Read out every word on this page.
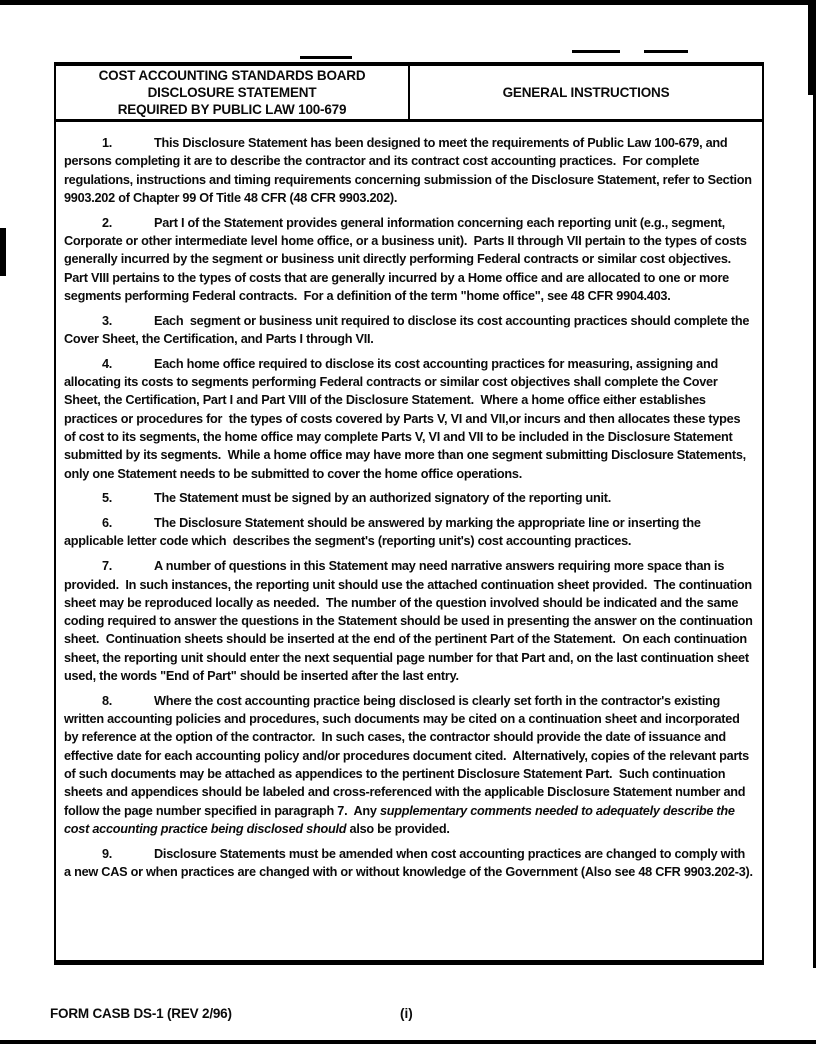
COST ACCOUNTING STANDARDS BOARD
DISCLOSURE STATEMENT
REQUIRED BY PUBLIC LAW 100-679
GENERAL INSTRUCTIONS

1.	This Disclosure Statement has been designed to meet the requirements of Public Law 100-679, and persons completing it are to describe the contractor and its contract cost accounting practices.  For complete regulations, instructions and timing requirements concerning submission of the Disclosure Statement, refer to Section 9903.202 of Chapter 99 Of Title 48 CFR (48 CFR 9903.202).

2.	Part I of the Statement provides general information concerning each reporting unit (e.g., segment, Corporate or other intermediate level home office, or a business unit).  Parts II through VII pertain to the types of costs generally incurred by the segment or business unit directly performing Federal contracts or similar cost objectives.  Part VIII pertains to the types of costs that are generally incurred by a Home office and are allocated to one or more segments performing Federal contracts.  For a definition of the term "home office", see 48 CFR 9904.403.

3.	Each  segment or business unit required to disclose its cost accounting practices should complete the Cover Sheet, the Certification, and Parts I through VII.

4.	Each home office required to disclose its cost accounting practices for measuring, assigning and allocating its costs to segments performing Federal contracts or similar cost objectives shall complete the Cover Sheet, the Certification, Part I and Part VIII of the Disclosure Statement.  Where a home office either establishes practices or procedures for  the types of costs covered by Parts V, VI and VII,or incurs and then allocates these types of cost to its segments, the home office may complete Parts V, VI and VII to be included in the Disclosure Statement submitted by its segments.  While a home office may have more than one segment submitting Disclosure Statements, only one Statement needs to be submitted to cover the home office operations.

5.	The Statement must be signed by an authorized signatory of the reporting unit.

6.	The Disclosure Statement should be answered by marking the appropriate line or inserting the applicable letter code which  describes the segment's (reporting unit's) cost accounting practices.

7.	A number of questions in this Statement may need narrative answers requiring more space than is provided.  In such instances, the reporting unit should use the attached continuation sheet provided.  The continuation sheet may be reproduced locally as needed.  The number of the question involved should be indicated and the same coding required to answer the questions in the Statement should be used in presenting the answer on the continuation sheet.  Continuation sheets should be inserted at the end of the pertinent Part of the Statement.  On each continuation sheet, the reporting unit should enter the next sequential page number for that Part and, on the last continuation sheet used, the words "End of Part" should be inserted after the last entry.

8.	Where the cost accounting practice being disclosed is clearly set forth in the contractor's existing written accounting policies and procedures, such documents may be cited on a continuation sheet and incorporated by reference at the option of the contractor.  In such cases, the contractor should provide the date of issuance and effective date for each accounting policy and/or procedures document cited.  Alternatively, copies of the relevant parts of such documents may be attached as appendices to the pertinent Disclosure Statement Part.  Such continuation sheets and appendices should be labeled and cross-referenced with the applicable Disclosure Statement number and follow the page number specified in paragraph 7.  Any supplementary comments needed to adequately describe the cost accounting practice being disclosed should also be provided.

9.	Disclosure Statements must be amended when cost accounting practices are changed to comply with a new CAS or when practices are changed with or without knowledge of the Government (Also see 48 CFR 9903.202-3).

FORM CASB DS-1 (REV 2/96)	(i)
